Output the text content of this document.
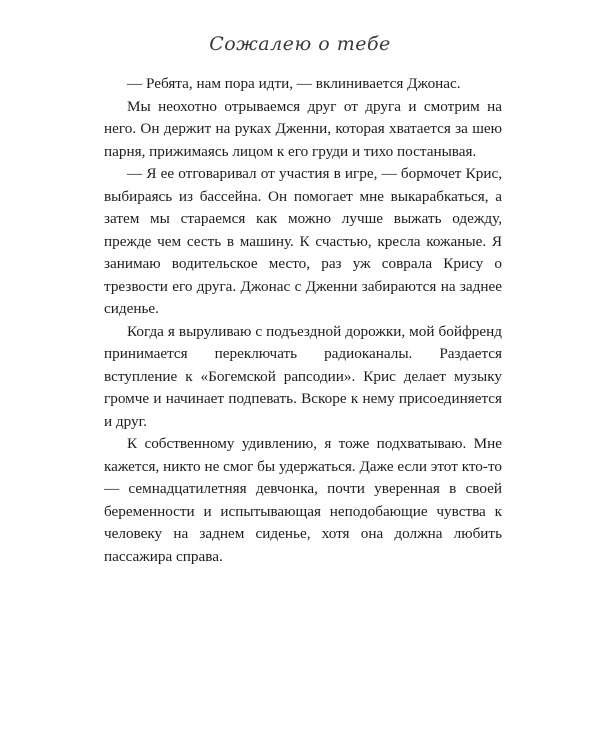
Сожалею о тебе

— Ребята, нам пора идти, — вклинивается Джонас.

Мы неохотно отрываемся друг от друга и смотрим на него. Он держит на руках Дженни, которая хватается за шею парня, прижимаясь лицом к его груди и тихо постанывая.

— Я ее отговаривал от участия в игре, — бормочет Крис, выбираясь из бассейна. Он помогает мне выкарабкаться, а затем мы стараемся как можно лучше выжать одежду, прежде чем сесть в машину. К счастью, кресла кожаные. Я занимаю водительское место, раз уж соврала Крису о трезвости его друга. Джонас с Дженни забираются на заднее сиденье.

Когда я выруливаю с подъездной дорожки, мой бойфренд принимается переключать радиоканалы. Раздается вступление к «Богемской рапсодии». Крис делает музыку громче и начинает подпевать. Вскоре к нему присоединяется и друг.

К собственному удивлению, я тоже подхватываю. Мне кажется, никто не смог бы удержаться. Даже если этот кто-то — семнадцатилетняя девчонка, почти уверенная в своей беременности и испытывающая неподобающие чувства к человеку на заднем сиденье, хотя она должна любить пассажира справа.
